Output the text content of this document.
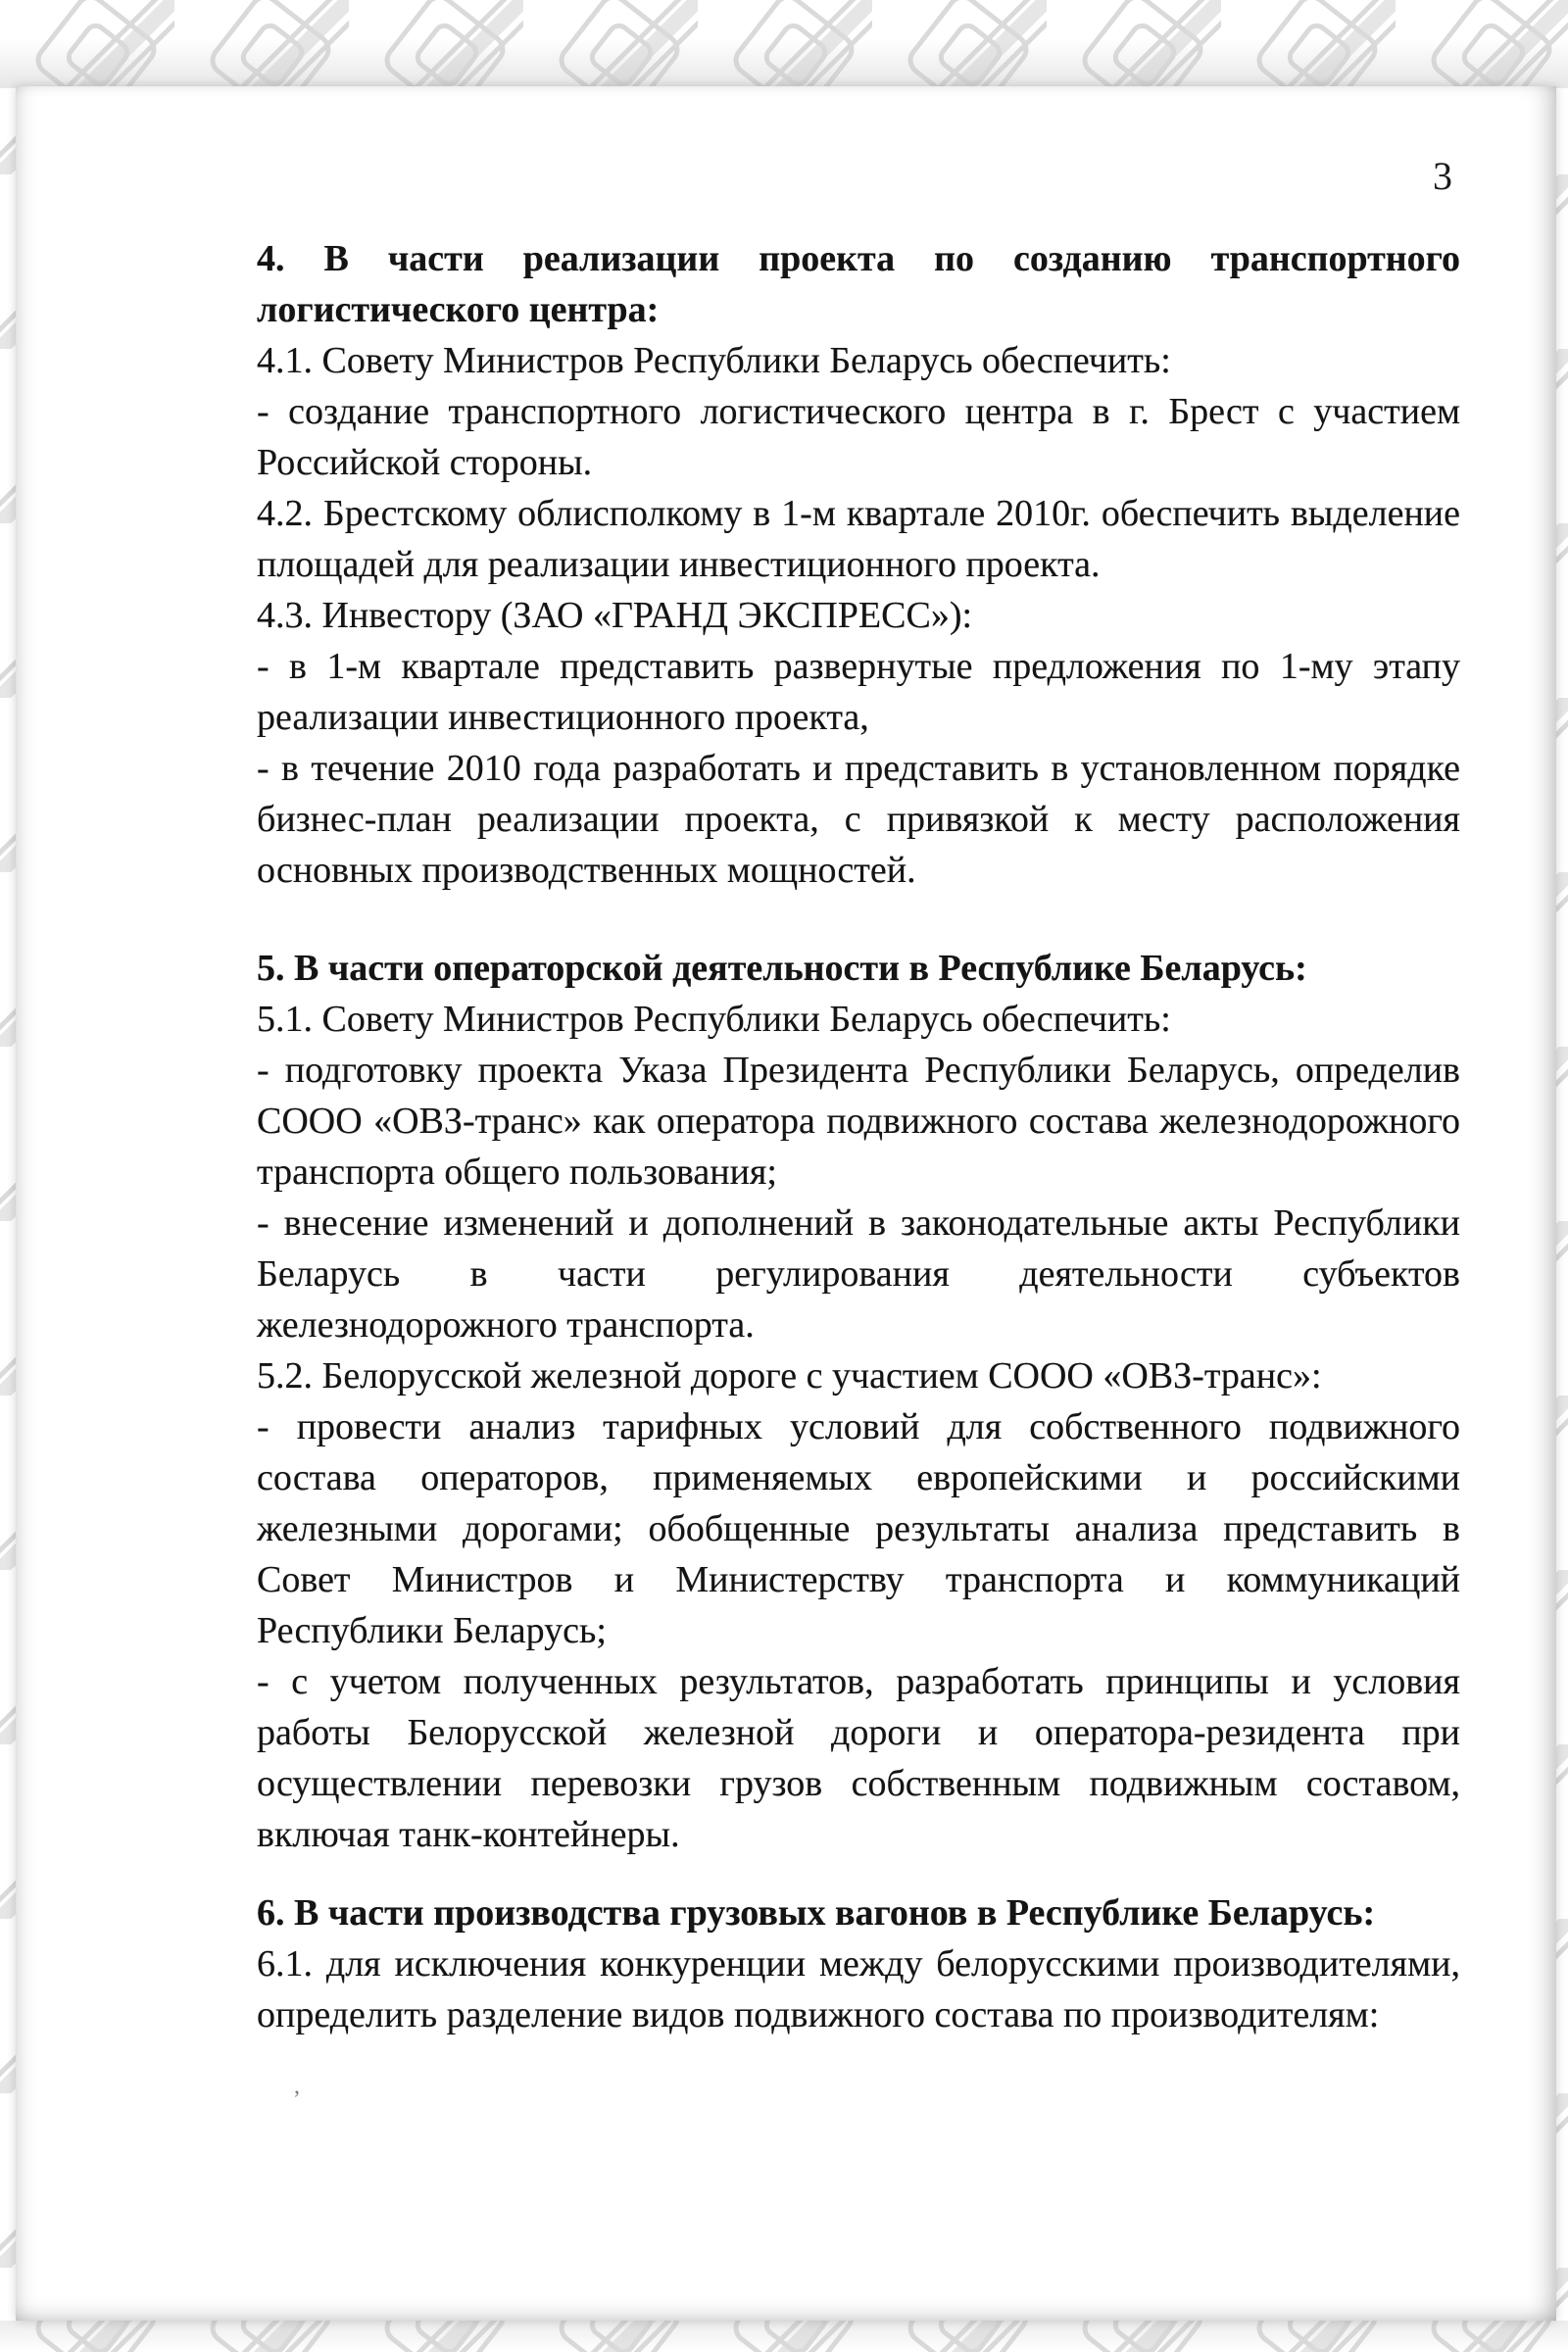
3

4. В части реализации проекта по созданию транспортного логистического центра:

4.1. Совету Министров Республики Беларусь обеспечить:

- создание транспортного логистического центра в г. Брест с участием Российской стороны.

4.2. Брестскому облисполкому в 1-м квартале 2010г. обеспечить выделение площадей для реализации инвестиционного проекта.

4.3. Инвестору (ЗАО «ГРАНД ЭКСПРЕСС»):

- в 1-м квартале представить развернутые предложения по 1-му этапу реализации инвестиционного проекта,

- в течение 2010 года разработать и представить в установленном порядке бизнес-план реализации проекта, с привязкой к месту расположения основных производственных мощностей.

5. В части операторской деятельности в Республике Беларусь:

5.1. Совету Министров Республики Беларусь обеспечить:

- подготовку проекта Указа Президента Республики Беларусь, определив СООО «ОВЗ-транс» как оператора подвижного состава железнодорожного транспорта общего пользования;

- внесение изменений и дополнений в законодательные акты Республики Беларусь в части регулирования деятельности субъектов железнодорожного транспорта.

5.2. Белорусской железной дороге с участием СООО «ОВЗ-транс»:

- провести анализ тарифных условий для собственного подвижного состава операторов, применяемых европейскими и российскими железными дорогами; обобщенные результаты анализа представить в Совет Министров и Министерству транспорта и коммуникаций Республики Беларусь;

- с учетом полученных результатов, разработать принципы и условия работы Белорусской железной дороги и оператора-резидента при осуществлении перевозки грузов собственным подвижным составом, включая танк-контейнеры.

6. В части производства грузовых вагонов в Республике Беларусь:

6.1. для исключения конкуренции между белорусскими производителями, определить разделение видов подвижного состава по производителям:

,
